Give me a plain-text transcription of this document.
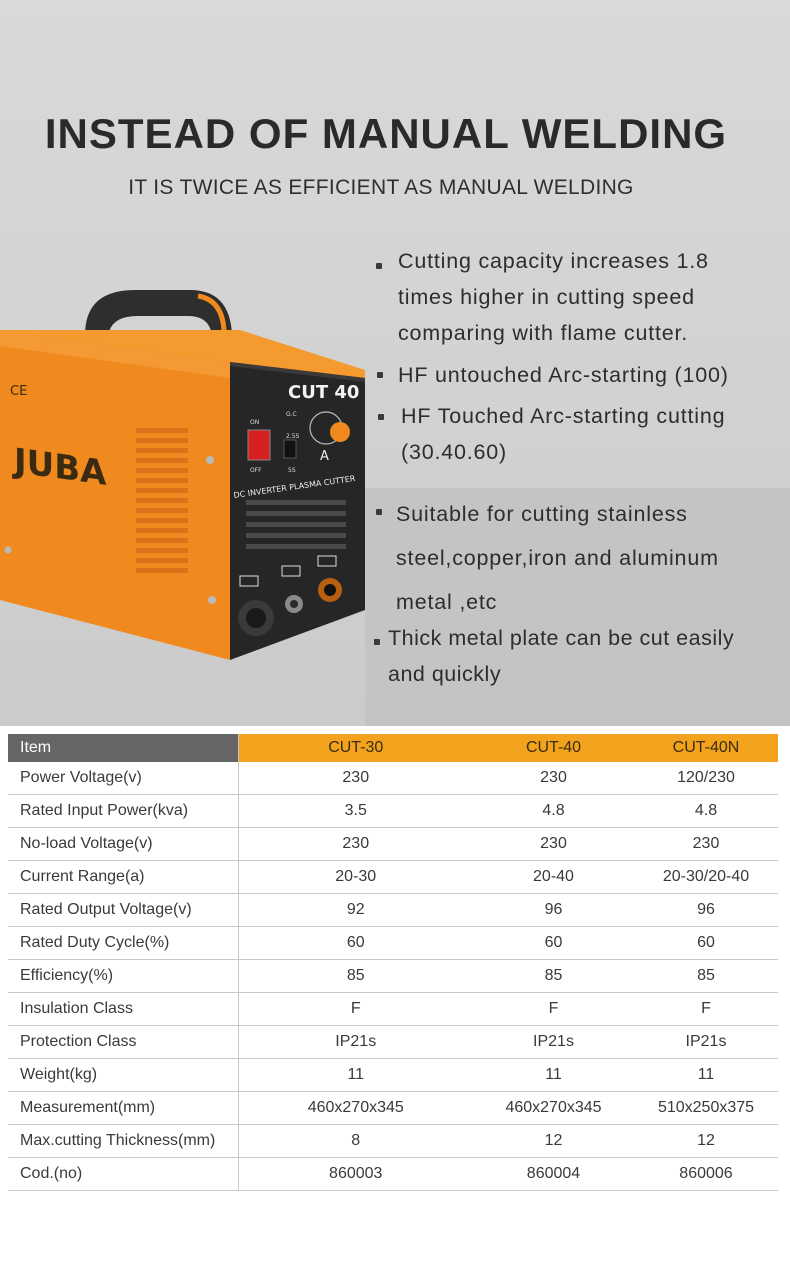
INSTEAD OF MANUAL WELDING
IT IS TWICE AS EFFICIENT AS MANUAL WELDING
JUBA
CE	CUT 40
ON
OFF
G.C
2.5S
5S
A
DC INVERTER PLASMA CUTTER
Cutting capacity increases 1.8
times higher in cutting speed
comparing with flame cutter.
HF untouched Arc-starting (100)
HF Touched Arc-starting cutting
(30.40.60)
Suitable for cutting stainless
steel,copper,iron and aluminum
metal ,etc
Thick metal plate can be cut easily
and quickly
Item	CUT-30	CUT-40	CUT-40N
Power Voltage(v)	230	230	120/230
Rated Input Power(kva)	3.5	4.8	4.8
No-load Voltage(v)	230	230	230
Current Range(a)	20-30	20-40	20-30/20-40
Rated Output Voltage(v)	92	96	96
Rated Duty Cycle(%)	60	60	60
Efficiency(%)	85	85	85
Insulation Class	F	F	F
Protection Class	IP21s	IP21s	IP21s
Weight(kg)	11	11	11
Measurement(mm)	460x270x345	460x270x345	510x250x375
Max.cutting Thickness(mm)	8	12	12
Cod.(no)	860003	860004	860006
